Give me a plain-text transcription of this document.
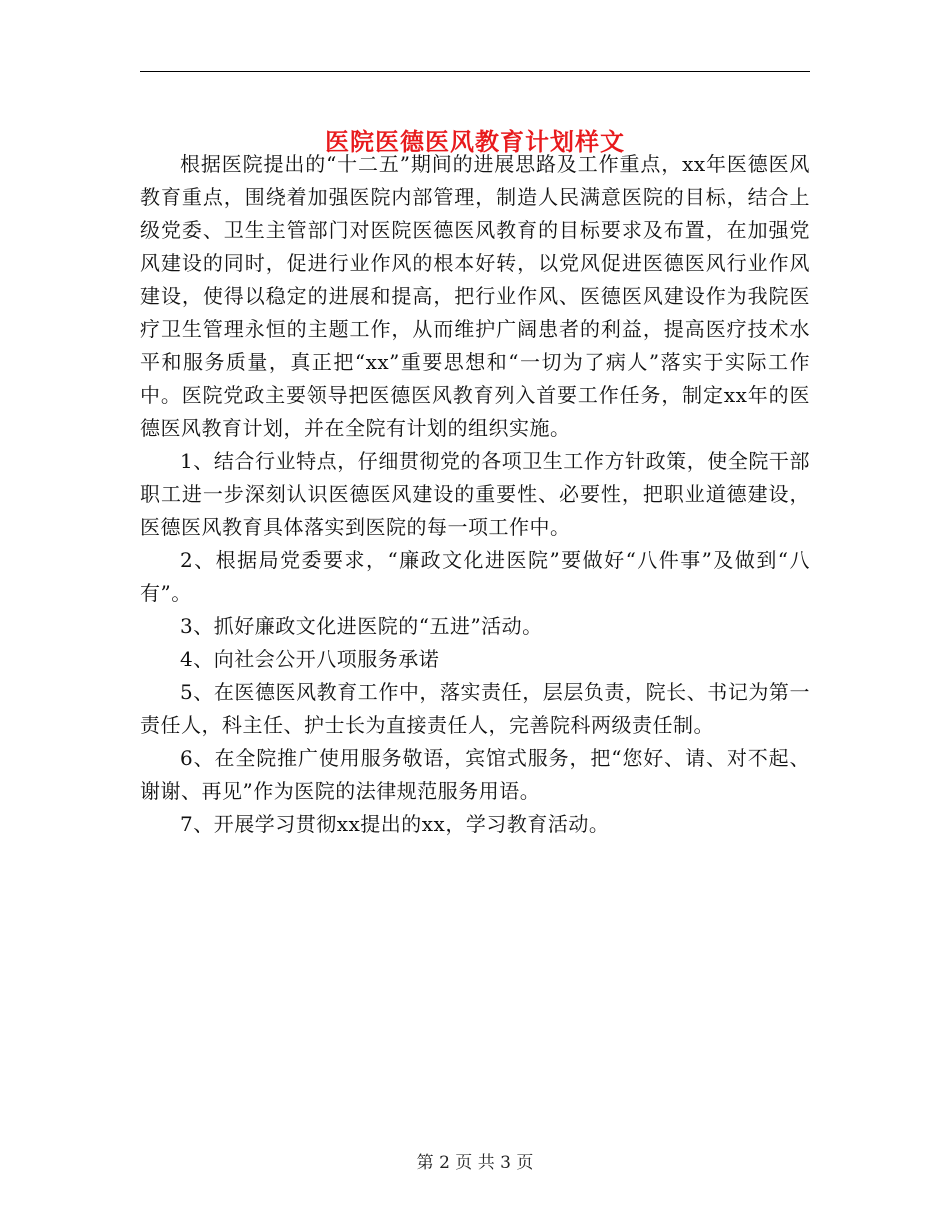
医院医德医风教育计划样文

根据医院提出的“十二五”期间的进展思路及工作重点，xx年医德医风教育重点，围绕着加强医院内部管理，制造人民满意医院的目标，结合上级党委、卫生主管部门对医院医德医风教育的目标要求及布置，在加强党风建设的同时，促进行业作风的根本好转，以党风促进医德医风行业作风建设，使得以稳定的进展和提高，把行业作风、医德医风建设作为我院医疗卫生管理永恒的主题工作，从而维护广阔患者的利益，提高医疗技术水平和服务质量，真正把“xx”重要思想和“一切为了病人”落实于实际工作中。医院党政主要领导把医德医风教育列入首要工作任务，制定xx年的医德医风教育计划，并在全院有计划的组织实施。

1、结合行业特点，仔细贯彻党的各项卫生工作方针政策，使全院干部职工进一步深刻认识医德医风建设的重要性、必要性，把职业道德建设，医德医风教育具体落实到医院的每一项工作中。

2、根据局党委要求，“廉政文化进医院”要做好“八件事”及做到“八有”。

3、抓好廉政文化进医院的“五进”活动。

4、向社会公开八项服务承诺

5、在医德医风教育工作中，落实责任，层层负责，院长、书记为第一责任人，科主任、护士长为直接责任人，完善院科两级责任制。

6、在全院推广使用服务敬语，宾馆式服务，把“您好、请、对不起、谢谢、再见”作为医院的法律规范服务用语。

7、开展学习贯彻xx提出的xx，学习教育活动。

第 2 页 共 3 页
